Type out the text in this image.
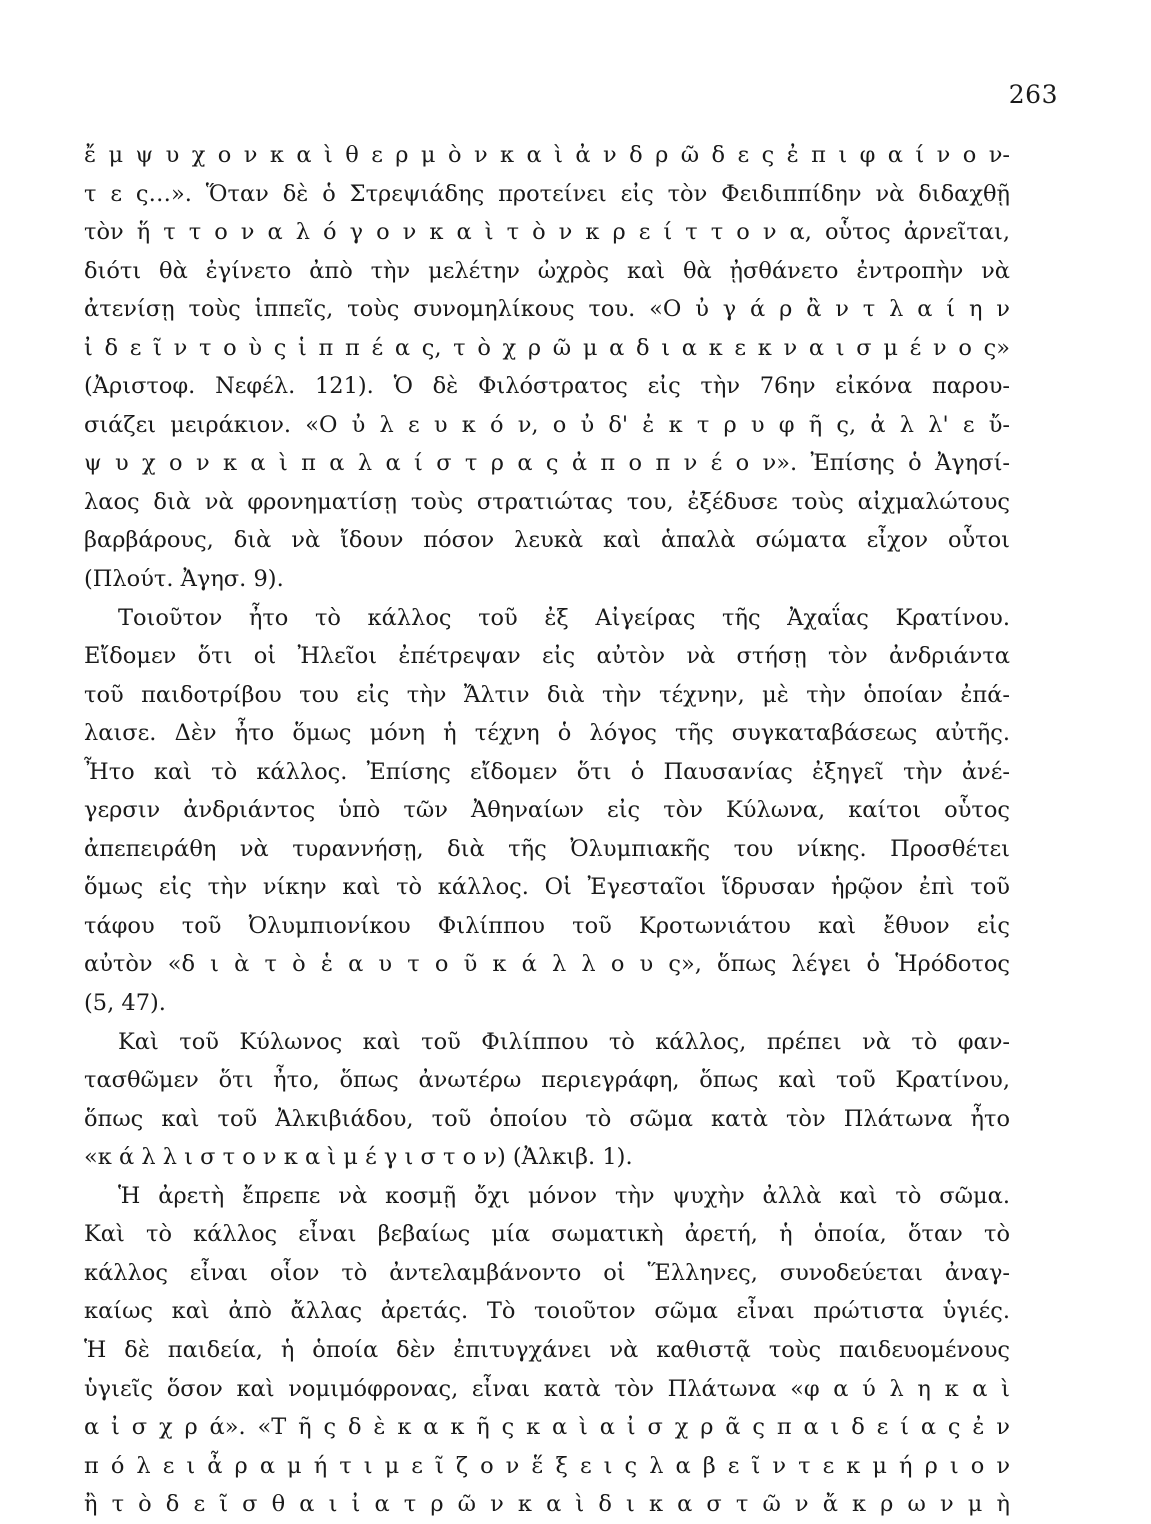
263
ἔ μ ψ υ χ ο ν κ α ὶ θ ε ρ μ ὸ ν κ α ὶ ἀ ν δ ρ ῶ δ ε ς ἐ π ι φ α ί ν ο ν-
τ ε ς…». Ὅταν δὲ ὁ Στρεψιάδης προτείνει εἰς τὸν Φειδιππίδην νὰ διδαχθῇ
τὸν ἥ τ τ ο ν α λ ό γ ο ν κ α ὶ τ ὸ ν κ ρ ε ί τ τ ο ν α, οὗτος ἀρνεῖται,
διότι θὰ ἐγίνετο ἀπὸ τὴν μελέτην ὠχρὸς καὶ θὰ ᾐσθάνετο ἐντροπὴν νὰ
ἀτενίσῃ τοὺς ἱππεῖς, τοὺς συνομηλίκους του. «Ο ὐ γ ά ρ ἂ ν τ λ α ί η ν
ἰ δ ε ῖ ν τ ο ὺ ς ἱ π π έ α ς, τ ὸ χ ρ ῶ μ α δ ι α κ ε κ ν α ι σ μ έ ν ο ς»
(Ἀριστοφ. Νεφέλ. 121). Ὁ δὲ Φιλόστρατος εἰς τὴν 76ην εἰκόνα παρου-
σιάζει μειράκιον. «Ο ὐ λ ε υ κ ό ν, ο ὐ δ' ἐ κ τ ρ υ φ ῆ ς, ἀ λ λ' ε ὔ-
ψ υ χ ο ν κ α ὶ π α λ α ί σ τ ρ α ς ἀ π ο π ν έ ο ν». Ἐπίσης ὁ Ἀγησί-
λαος διὰ νὰ φρονηματίσῃ τοὺς στρατιώτας του, ἐξέδυσε τοὺς αἰχμαλώτους
βαρβάρους, διὰ νὰ ἴδουν πόσον λευκὰ καὶ ἁπαλὰ σώματα εἶχον οὗτοι
(Πλούτ. Ἀγησ. 9).
Τοιοῦτον ἦτο τὸ κάλλος τοῦ ἐξ Αἰγείρας τῆς Ἀχαΐας Κρατίνου.
Εἴδομεν ὅτι οἱ Ἠλεῖοι ἐπέτρεψαν εἰς αὐτὸν νὰ στήσῃ τὸν ἀνδριάντα
τοῦ παιδοτρίβου του εἰς τὴν Ἄλτιν διὰ τὴν τέχνην, μὲ τὴν ὁποίαν ἐπά-
λαισε. Δὲν ἦτο ὅμως μόνη ἡ τέχνη ὁ λόγος τῆς συγκαταβάσεως αὐτῆς.
Ἦτο καὶ τὸ κάλλος. Ἐπίσης εἴδομεν ὅτι ὁ Παυσανίας ἐξηγεῖ τὴν ἀνέ-
γερσιν ἀνδριάντος ὑπὸ τῶν Ἀθηναίων εἰς τὸν Κύλωνα, καίτοι οὗτος
ἀπεπειράθη νὰ τυραννήσῃ, διὰ τῆς Ὀλυμπιακῆς του νίκης. Προσθέτει
ὅμως εἰς τὴν νίκην καὶ τὸ κάλλος. Οἱ Ἐγεσταῖοι ἵδρυσαν ἡρῷον ἐπὶ τοῦ
τάφου τοῦ Ὀλυμπιονίκου Φιλίππου τοῦ Κροτωνιάτου καὶ ἔθυον εἰς
αὐτὸν «δ ι ὰ τ ὸ ἑ α υ τ ο ῦ κ ά λ λ ο υ ς», ὅπως λέγει ὁ Ἡρόδοτος
(5, 47).
Καὶ τοῦ Κύλωνος καὶ τοῦ Φιλίππου τὸ κάλλος, πρέπει νὰ τὸ φαν-
τασθῶμεν ὅτι ἦτο, ὅπως ἀνωτέρω περιεγράφη, ὅπως καὶ τοῦ Κρατίνου,
ὅπως καὶ τοῦ Ἀλκιβιάδου, τοῦ ὁποίου τὸ σῶμα κατὰ τὸν Πλάτωνα ἦτο
«κ ά λ λ ι σ τ ο ν κ α ὶ μ έ γ ι σ τ ο ν) (Ἀλκιβ. 1).
Ἡ ἀρετὴ ἔπρεπε νὰ κοσμῇ ὄχι μόνον τὴν ψυχὴν ἀλλὰ καὶ τὸ σῶμα.
Καὶ τὸ κάλλος εἶναι βεβαίως μία σωματικὴ ἀρετή, ἡ ὁποία, ὅταν τὸ
κάλλος εἶναι οἷον τὸ ἀντελαμβάνοντο οἱ Ἕλληνες, συνοδεύεται ἀναγ-
καίως καὶ ἀπὸ ἄλλας ἀρετάς. Τὸ τοιοῦτον σῶμα εἶναι πρώτιστα ὑγιές.
Ἡ δὲ παιδεία, ἡ ὁποία δὲν ἐπιτυγχάνει νὰ καθιστᾷ τοὺς παιδευομένους
ὑγιεῖς ὅσον καὶ νομιμόφρονας, εἶναι κατὰ τὸν Πλάτωνα «φ α ύ λ η κ α ὶ
α ἰ σ χ ρ ά». «Τ ῆ ς δ ὲ κ α κ ῆ ς κ α ὶ α ἰ σ χ ρ ᾶ ς π α ι δ ε ί α ς ἐ ν
π ό λ ε ι ἆ ρ α μ ή τ ι μ ε ῖ ζ ο ν ἕ ξ ε ι ς λ α β ε ῖ ν τ ε κ μ ή ρ ι ο ν
ἢ τ ὸ δ ε ῖ σ θ α ι ἰ α τ ρ ῶ ν κ α ὶ δ ι κ α σ τ ῶ ν ἄ κ ρ ω ν μ ὴ
